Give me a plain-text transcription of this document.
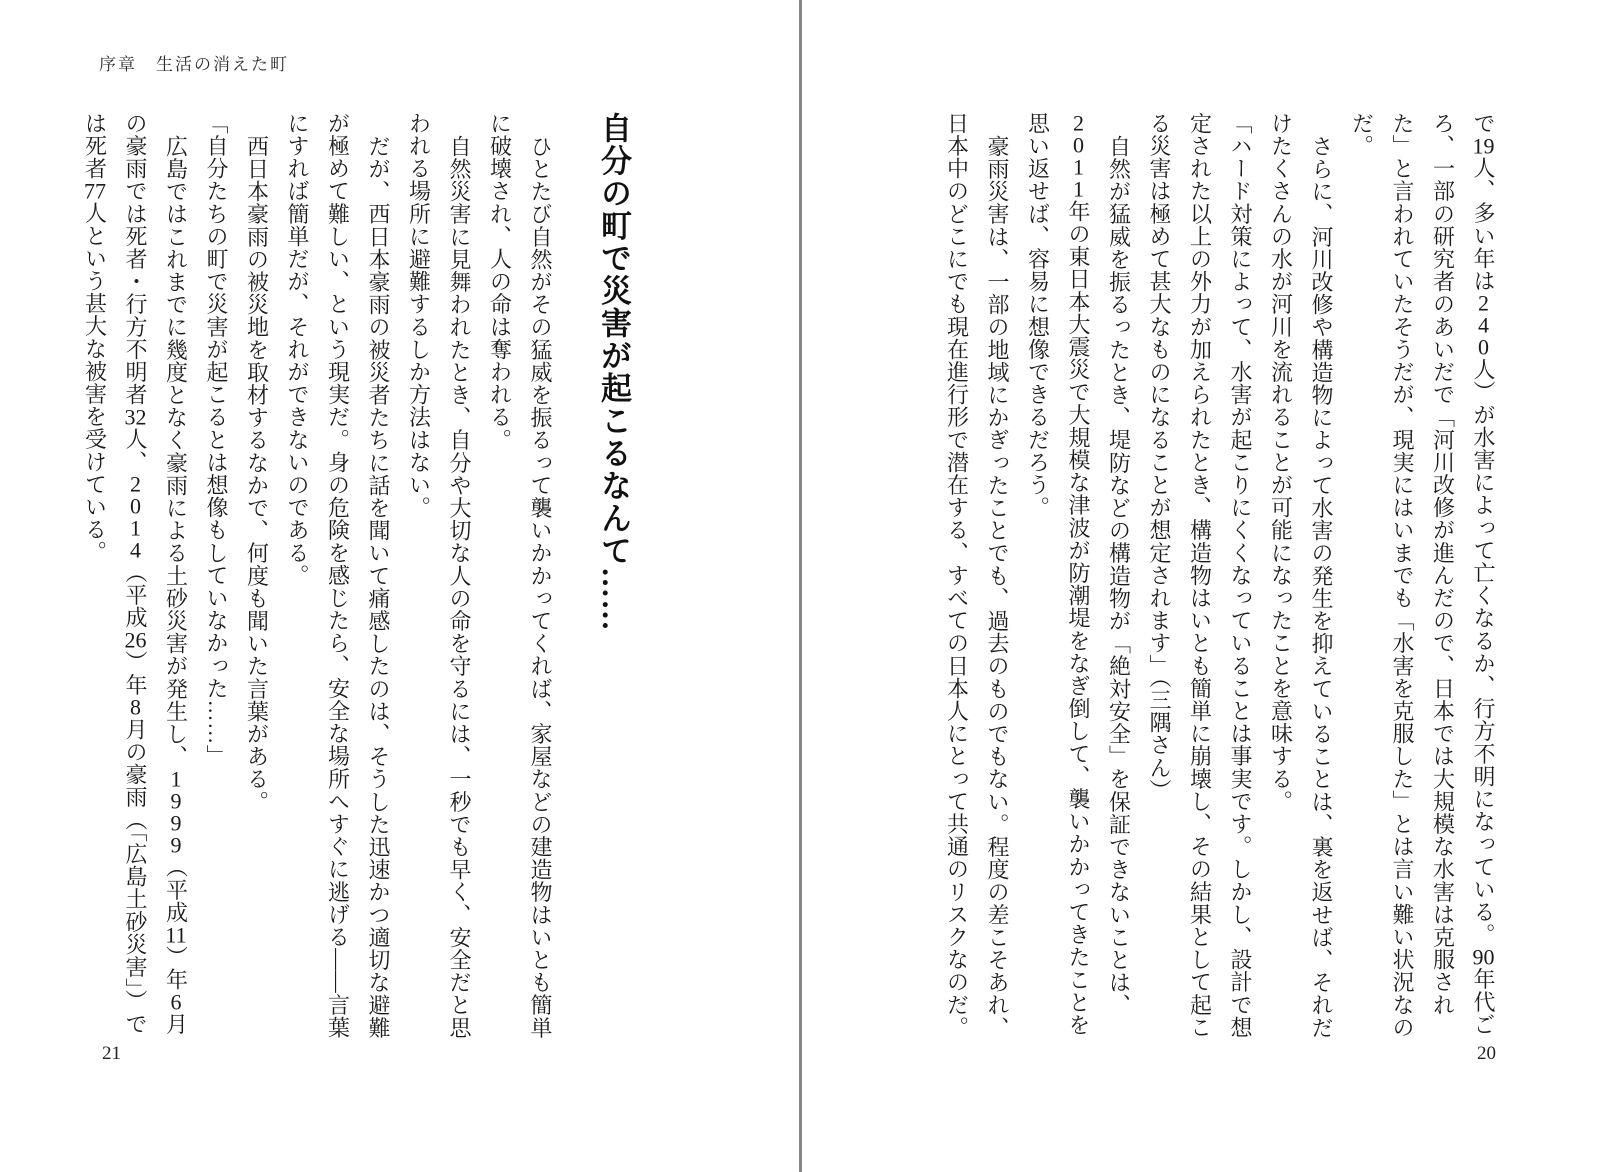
序章　生活の消えた町
自分の町で災害が起こるなんて……
ひとたび自然がその猛威を振るって襲いかかってくれば、家屋などの建造物はいとも簡単
に破壊され、人の命は奪われる。
自然災害に見舞われたとき、自分や大切な人の命を守るには、一秒でも早く、安全だと思
われる場所に避難するしか方法はない。
だが、西日本豪雨の被災者たちに話を聞いて痛感したのは、そうした迅速かつ適切な避難
が極めて難しい、という現実だ。身の危険を感じたら、安全な場所へすぐに逃げる——言葉
にすれば簡単だが、それができないのである。
西日本豪雨の被災地を取材するなかで、何度も聞いた言葉がある。
「自分たちの町で災害が起こるとは想像もしていなかった……」
広島ではこれまでに幾度となく豪雨による土砂災害が発生し、1999（平成11）年6月
の豪雨では死者・行方不明者32人、2014（平成26）年8月の豪雨（「広島土砂災害」）で
は死者77人という甚大な被害を受けている。
21
で19人、多い年は240人）が水害によって亡くなるか、行方不明になっている。90年代ご
ろ、一部の研究者のあいだで「河川改修が進んだので、日本では大規模な水害は克服され
た」と言われていたそうだが、現実にはいまでも「水害を克服した」とは言い難い状況なの
だ。
さらに、河川改修や構造物によって水害の発生を抑えていることは、裏を返せば、それだ
けたくさんの水が河川を流れることが可能になったことを意味する。
「ハード対策によって、水害が起こりにくくなっていることは事実です。しかし、設計で想
定された以上の外力が加えられたとき、構造物はいとも簡単に崩壊し、その結果として起こ
る災害は極めて甚大なものになることが想定されます」（三隅さん）
自然が猛威を振るったとき、堤防などの構造物が「絶対安全」を保証できないことは、
2011年の東日本大震災で大規模な津波が防潮堤をなぎ倒して、襲いかかってきたことを
思い返せば、容易に想像できるだろう。
豪雨災害は、一部の地域にかぎったことでも、過去のものでもない。程度の差こそあれ、
日本中のどこにでも現在進行形で潜在する、すべての日本人にとって共通のリスクなのだ。
20
